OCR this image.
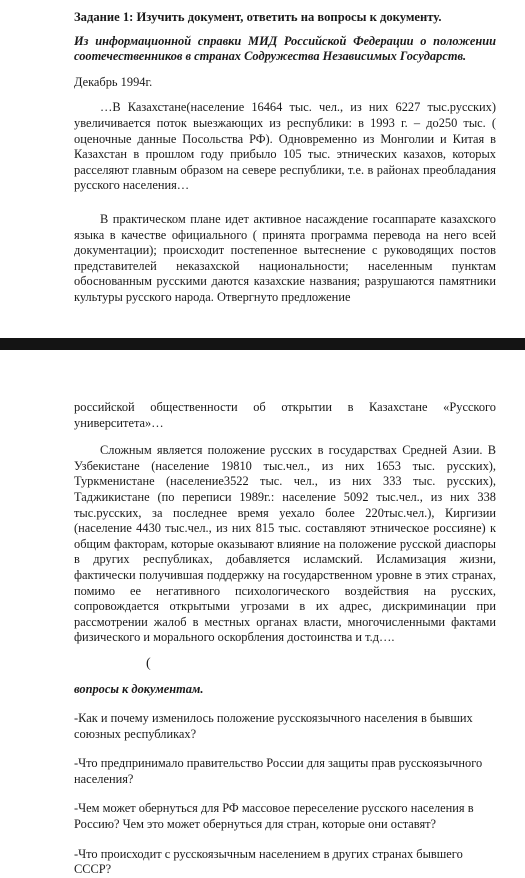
Задание 1: Изучить документ, ответить на вопросы к документу.

Из информационной справки МИД Российской Федерации о положении соотечественников в странах Содружества Независимых Государств.

Декабрь 1994г.

…В Казахстане(население 16464 тыс. чел., из них 6227 тыс.русских) увеличивается поток выезжающих из республики: в 1993 г. – до250 тыс. ( оценочные данные Посольства РФ). Одновременно из Монголии и Китая в Казахстан в прошлом году прибыло 105 тыс. этнических казахов, которых расселяют главным образом на севере республики, т.е. в районах преобладания русского населения…

В практическом плане идет активное насаждение госаппарате казахского языка в качестве официального ( принята программа перевода на него всей документации); происходит постепенное вытеснение с руководящих постов представителей неказахской национальности; населенным пунктам обоснованным русскими даются казахские названия; разрушаются памятники культуры русского народа. Отвергнуто предложение

российской общественности об открытии в Казахстане «Русского университета»…

Сложным является положение русских в государствах Средней Азии. В Узбекистане (население 19810 тыс.чел., из них 1653 тыс. русских), Туркменистане (население3522 тыс. чел., из них 333 тыс. русских), Таджикистане (по переписи 1989г.: население 5092 тыс.чел., из них 338 тыс.русских, за последнее время уехало более 220тыс.чел.), Киргизии (население 4430 тыс.чел., из них 815 тыс. составляют этническое россияне) к общим факторам, которые оказывают влияние на положение русской диаспоры в других республиках, добавляется исламский. Исламизация жизни, фактически получившая поддержку на государственном уровне в этих странах, помимо ее негативного психологического воздействия на русских, сопровождается открытыми угрозами в их адрес, дискриминации при рассмотрении жалоб в местных органах власти, многочисленными фактами физического и морального оскорбления достоинства и т.д….

(

вопросы к документам.

-Как и почему изменилось положение русскоязычного населения в бывших союзных республиках?

-Что предпринимало правительство России для защиты прав русскоязычного населения?

-Чем может обернуться для РФ массовое переселение русского населения в Россию? Чем это может обернуться для стран, которые они оставят?

-Что происходит с русскоязычным населением в других странах бывшего СССР?
